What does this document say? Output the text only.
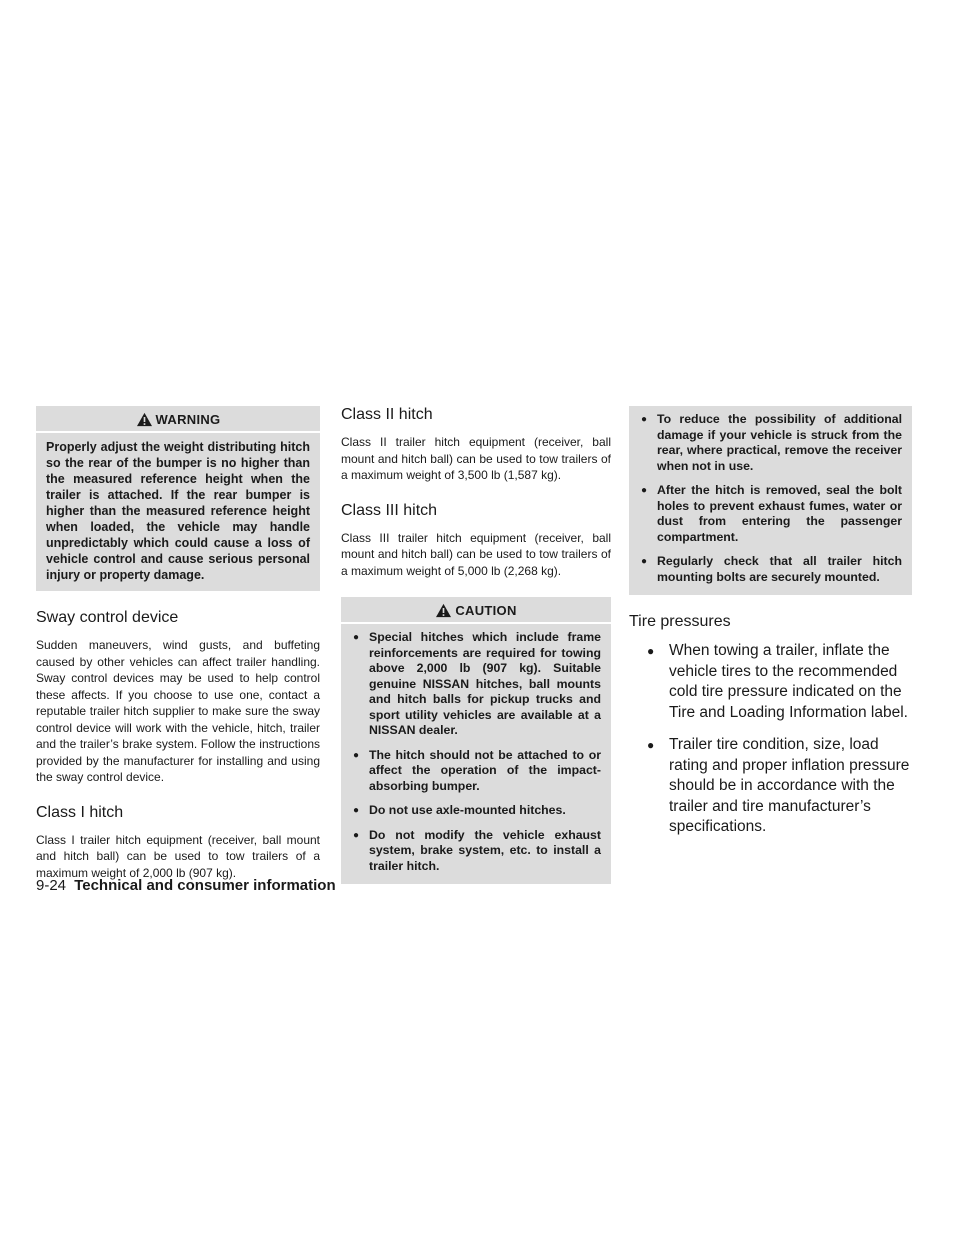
WARNING
Properly adjust the weight distributing hitch so the rear of the bumper is no higher than the measured reference height when the trailer is attached. If the rear bumper is higher than the measured reference height when loaded, the vehicle may handle unpredictably which could cause a loss of vehicle control and cause serious personal injury or property damage.
Sway control device

Sudden maneuvers, wind gusts, and buffeting caused by other vehicles can affect trailer handling. Sway control devices may be used to help control these affects. If you choose to use one, contact a reputable trailer hitch supplier to make sure the sway control device will work with the vehicle, hitch, trailer and the trailer’s brake system. Follow the instructions provided by the manufacturer for installing and using the sway control device.

Class I hitch

Class I trailer hitch equipment (receiver, ball mount and hitch ball) can be used to tow trailers of a maximum weight of 2,000 lb (907 kg).

Class II hitch

Class II trailer hitch equipment (receiver, ball mount and hitch ball) can be used to tow trailers of a maximum weight of 3,500 lb (1,587 kg).

Class III hitch

Class III trailer hitch equipment (receiver, ball mount and hitch ball) can be used to tow trailers of a maximum weight of 5,000 lb (2,268 kg).

CAUTION
● Special hitches which include frame reinforcements are required for towing above 2,000 lb (907 kg). Suitable genuine NISSAN hitches, ball mounts and hitch balls for pickup trucks and sport utility vehicles are available at a NISSAN dealer.
● The hitch should not be attached to or affect the operation of the impact-absorbing bumper.
● Do not use axle-mounted hitches.
● Do not modify the vehicle exhaust system, brake system, etc. to install a trailer hitch.
● To reduce the possibility of additional damage if your vehicle is struck from the rear, where practical, remove the receiver when not in use.
● After the hitch is removed, seal the bolt holes to prevent exhaust fumes, water or dust from entering the passenger compartment.
● Regularly check that all trailer hitch mounting bolts are securely mounted.
Tire pressures
● When towing a trailer, inflate the vehicle tires to the recommended cold tire pressure indicated on the Tire and Loading Information label.
● Trailer tire condition, size, load rating and proper inflation pressure should be in accordance with the trailer and tire manufacturer’s specifications.
9-24 Technical and consumer information
